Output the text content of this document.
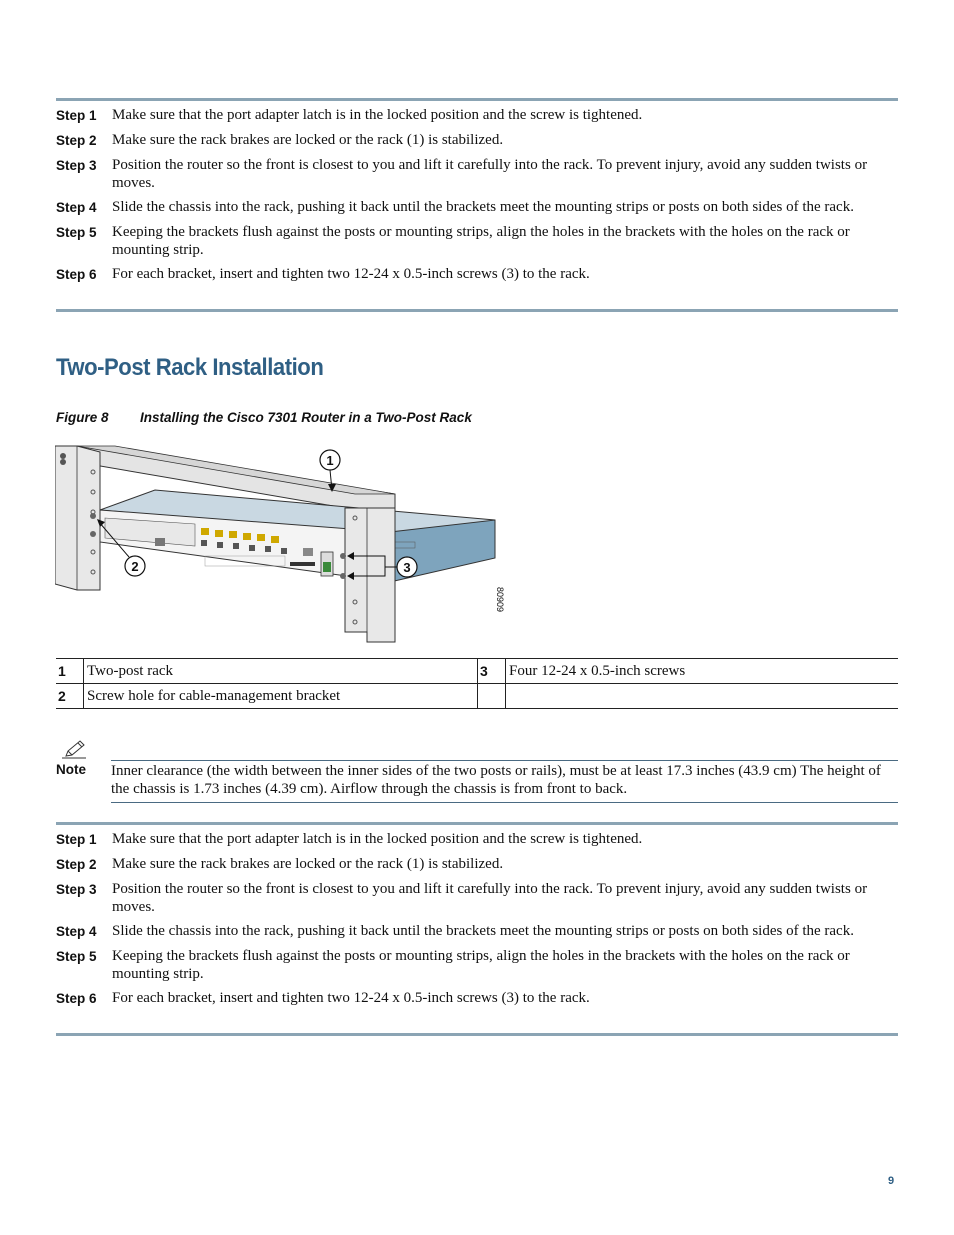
Step 1	Make sure that the port adapter latch is in the locked position and the screw is tightened.
Step 2	Make sure the rack brakes are locked or the rack (1) is stabilized.
Step 3	Position the router so the front is closest to you and lift it carefully into the rack. To prevent injury, avoid any sudden twists or moves.
Step 4	Slide the chassis into the rack, pushing it back until the brackets meet the mounting strips or posts on both sides of the rack.
Step 5	Keeping the brackets flush against the posts or mounting strips, align the holes in the brackets with the holes on the rack or mounting strip.
Step 6	For each bracket, insert and tighten two 12-24 x 0.5-inch screws (3) to the rack.
Two-Post Rack Installation
Figure 8 Installing the Cisco 7301 Router in a Two-Post Rack
1
2	3
80909
1	Two-post rack	3	Four 12-24 x 0.5-inch screws
2	Screw hole for cable-management bracket		
Note Inner clearance (the width between the inner sides of the two posts or rails), must be at least 17.3 inches (43.9 cm) The height of the chassis is 1.73 inches (4.39 cm). Airflow through the chassis is from front to back.
Step 1	Make sure that the port adapter latch is in the locked position and the screw is tightened.
Step 2	Make sure the rack brakes are locked or the rack (1) is stabilized.
Step 3	Position the router so the front is closest to you and lift it carefully into the rack. To prevent injury, avoid any sudden twists or moves.
Step 4	Slide the chassis into the rack, pushing it back until the brackets meet the mounting strips or posts on both sides of the rack.
Step 5	Keeping the brackets flush against the posts or mounting strips, align the holes in the brackets with the holes on the rack or mounting strip.
Step 6	For each bracket, insert and tighten two 12-24 x 0.5-inch screws (3) to the rack.
9
